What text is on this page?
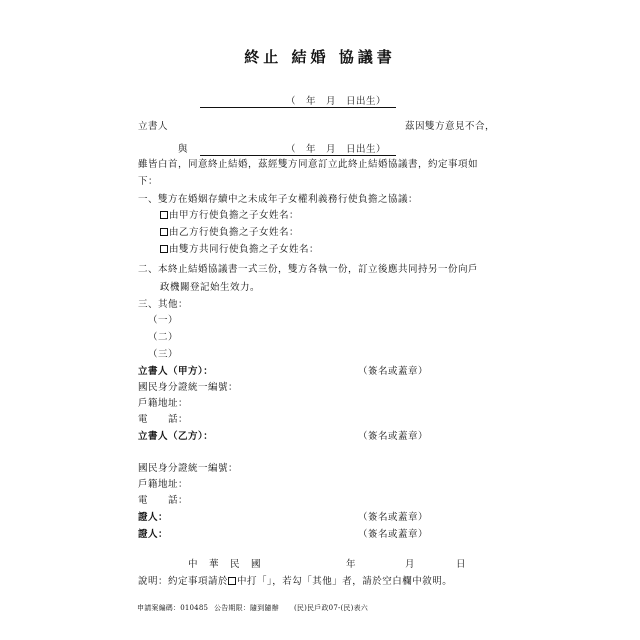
終止 結婚 協議書
（　年　月　日出生）
立書人	茲因雙方意見不合，
與	（　年　月　日出生）
雖皆白首，同意終止結婚，茲經雙方同意訂立此終止結婚協議書，約定事項如
下：
一、雙方在婚姻存續中之未成年子女權利義務行使負擔之協議：
由甲方行使負擔之子女姓名：
由乙方行使負擔之子女姓名：
由雙方共同行使負擔之子女姓名：
二、本終止結婚協議書一式三份，雙方各執一份，訂立後應共同持另一份向戶
政機關登記始生效力。
三、其他：
（一）
（二）
（三）
立書人（甲方）：	（簽名或蓋章）
國民身分證統一編號：
戶籍地址：
電　　話：
立書人（乙方）：	（簽名或蓋章）
國民身分證統一編號：
戶籍地址：
電　　話：
證人：	（簽名或蓋章）
證人：	（簽名或蓋章）
中　華　民　國	年	月	日
說明：約定事項請於 中打「」，若勾「其他」者，請於空白欄中敘明。
申請案編碼：010485 公告期限：隨到隨辦 (民)民戶政07-(民)表六
